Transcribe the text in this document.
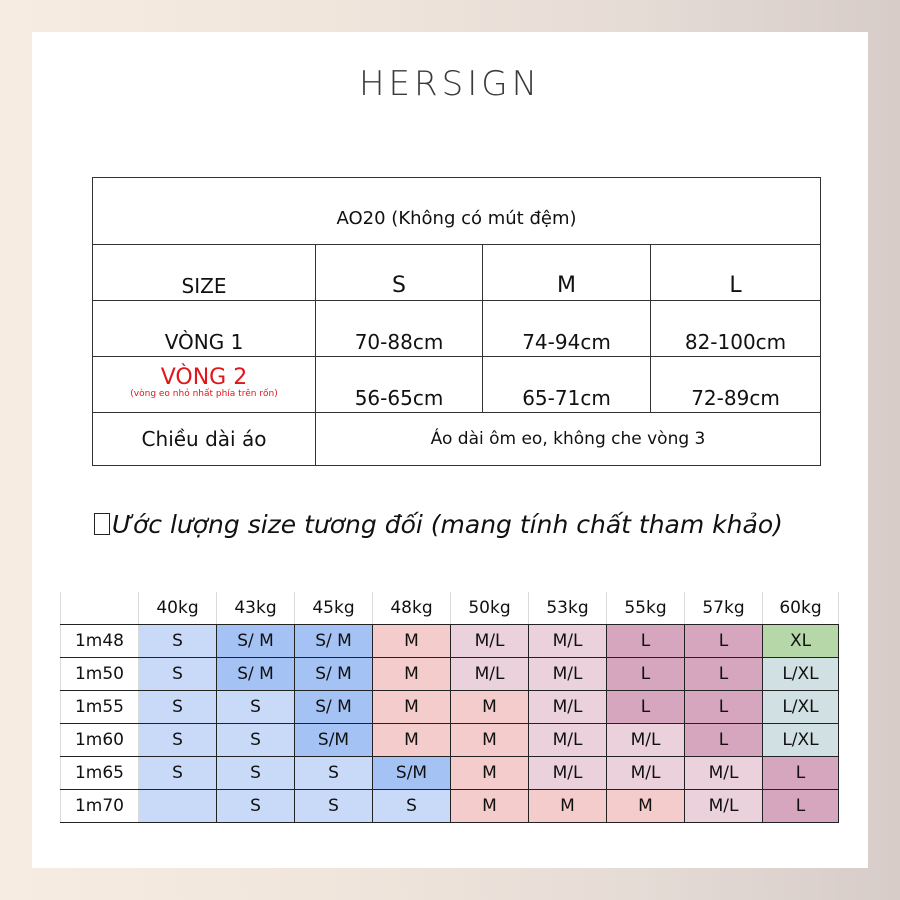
HERSIGN
AO20 (Không có mút đệm)			
SIZE	S	M	L
VÒNG 1	70-88cm	74-94cm	82-100cm

VÒNG 2
(vòng eo nhỏ nhất phía trên rốn)	56-65cm	65-71cm	72-89cm
Chiều dài áo	Áo dài ôm eo, không che vòng 3		
Ước lượng size tương đối (mang tính chất tham khảo)
	40kg	43kg	45kg	48kg	50kg	53kg	55kg	57kg	60kg
1m48	S	S/ M	S/ M	M	M/L	M/L	L	L	XL
1m50	S	S/ M	S/ M	M	M/L	M/L	L	L	L/XL
1m55	S	S	S/ M	M	M	M/L	L	L	L/XL
1m60	S	S	S/M	M	M	M/L	M/L	L	L/XL
1m65	S	S	S	S/M	M	M/L	M/L	M/L	L
1m70		S	S	S	M	M	M	M/L	L
